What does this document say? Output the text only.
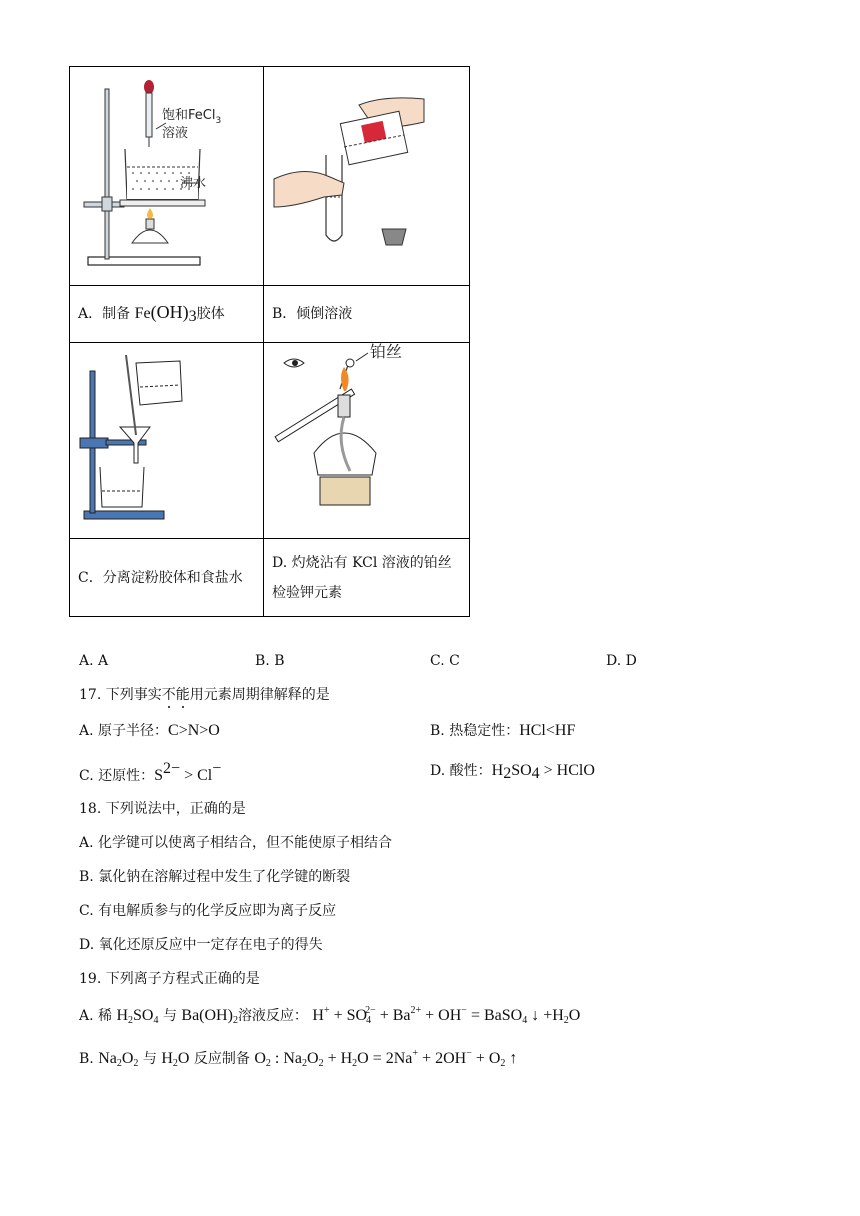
饱和FeCl$_3$
溶液
沸水

A．制备 $Fe(OH)_3$胶体	B．倾倒溶液

铂丝

C．分离淀粉胶体和食盐水	D. 灼烧沾有 KCl 溶液的铂丝
检验钾元素
A. A	B. B	C. C	D. D
17. 下列事实不能用元素周期律解释的是
A. 原子半径：C>N>O	B. 热稳定性：HCl<HF
C. 还原性：$S^{2-} > Cl^-$	D. 酸性：$H_2SO_4$ > HClO
18. 下列说法中，正确的是
A. 化学键可以使离子相结合，但不能使原子相结合
B. 氯化钠在溶解过程中发生了化学键的断裂
C. 有电解质参与的化学反应即为离子反应
D. 氧化还原反应中一定存在电子的得失
19. 下列离子方程式正确的是
A. 稀 $H_2SO_4$ 与 $Ba(OH)_2$溶液反应： $H^+ + SO_4^{2-} + Ba^{2+} + OH^-$ = BaSO$_4$ ↓ $+H_2O$
B. $Na_2O_2$ 与 $H_2O$ 反应制备 $O_2$ : $Na_2O_2 + H_2O = 2Na^+ + 2OH^- + O_2$ ↑
